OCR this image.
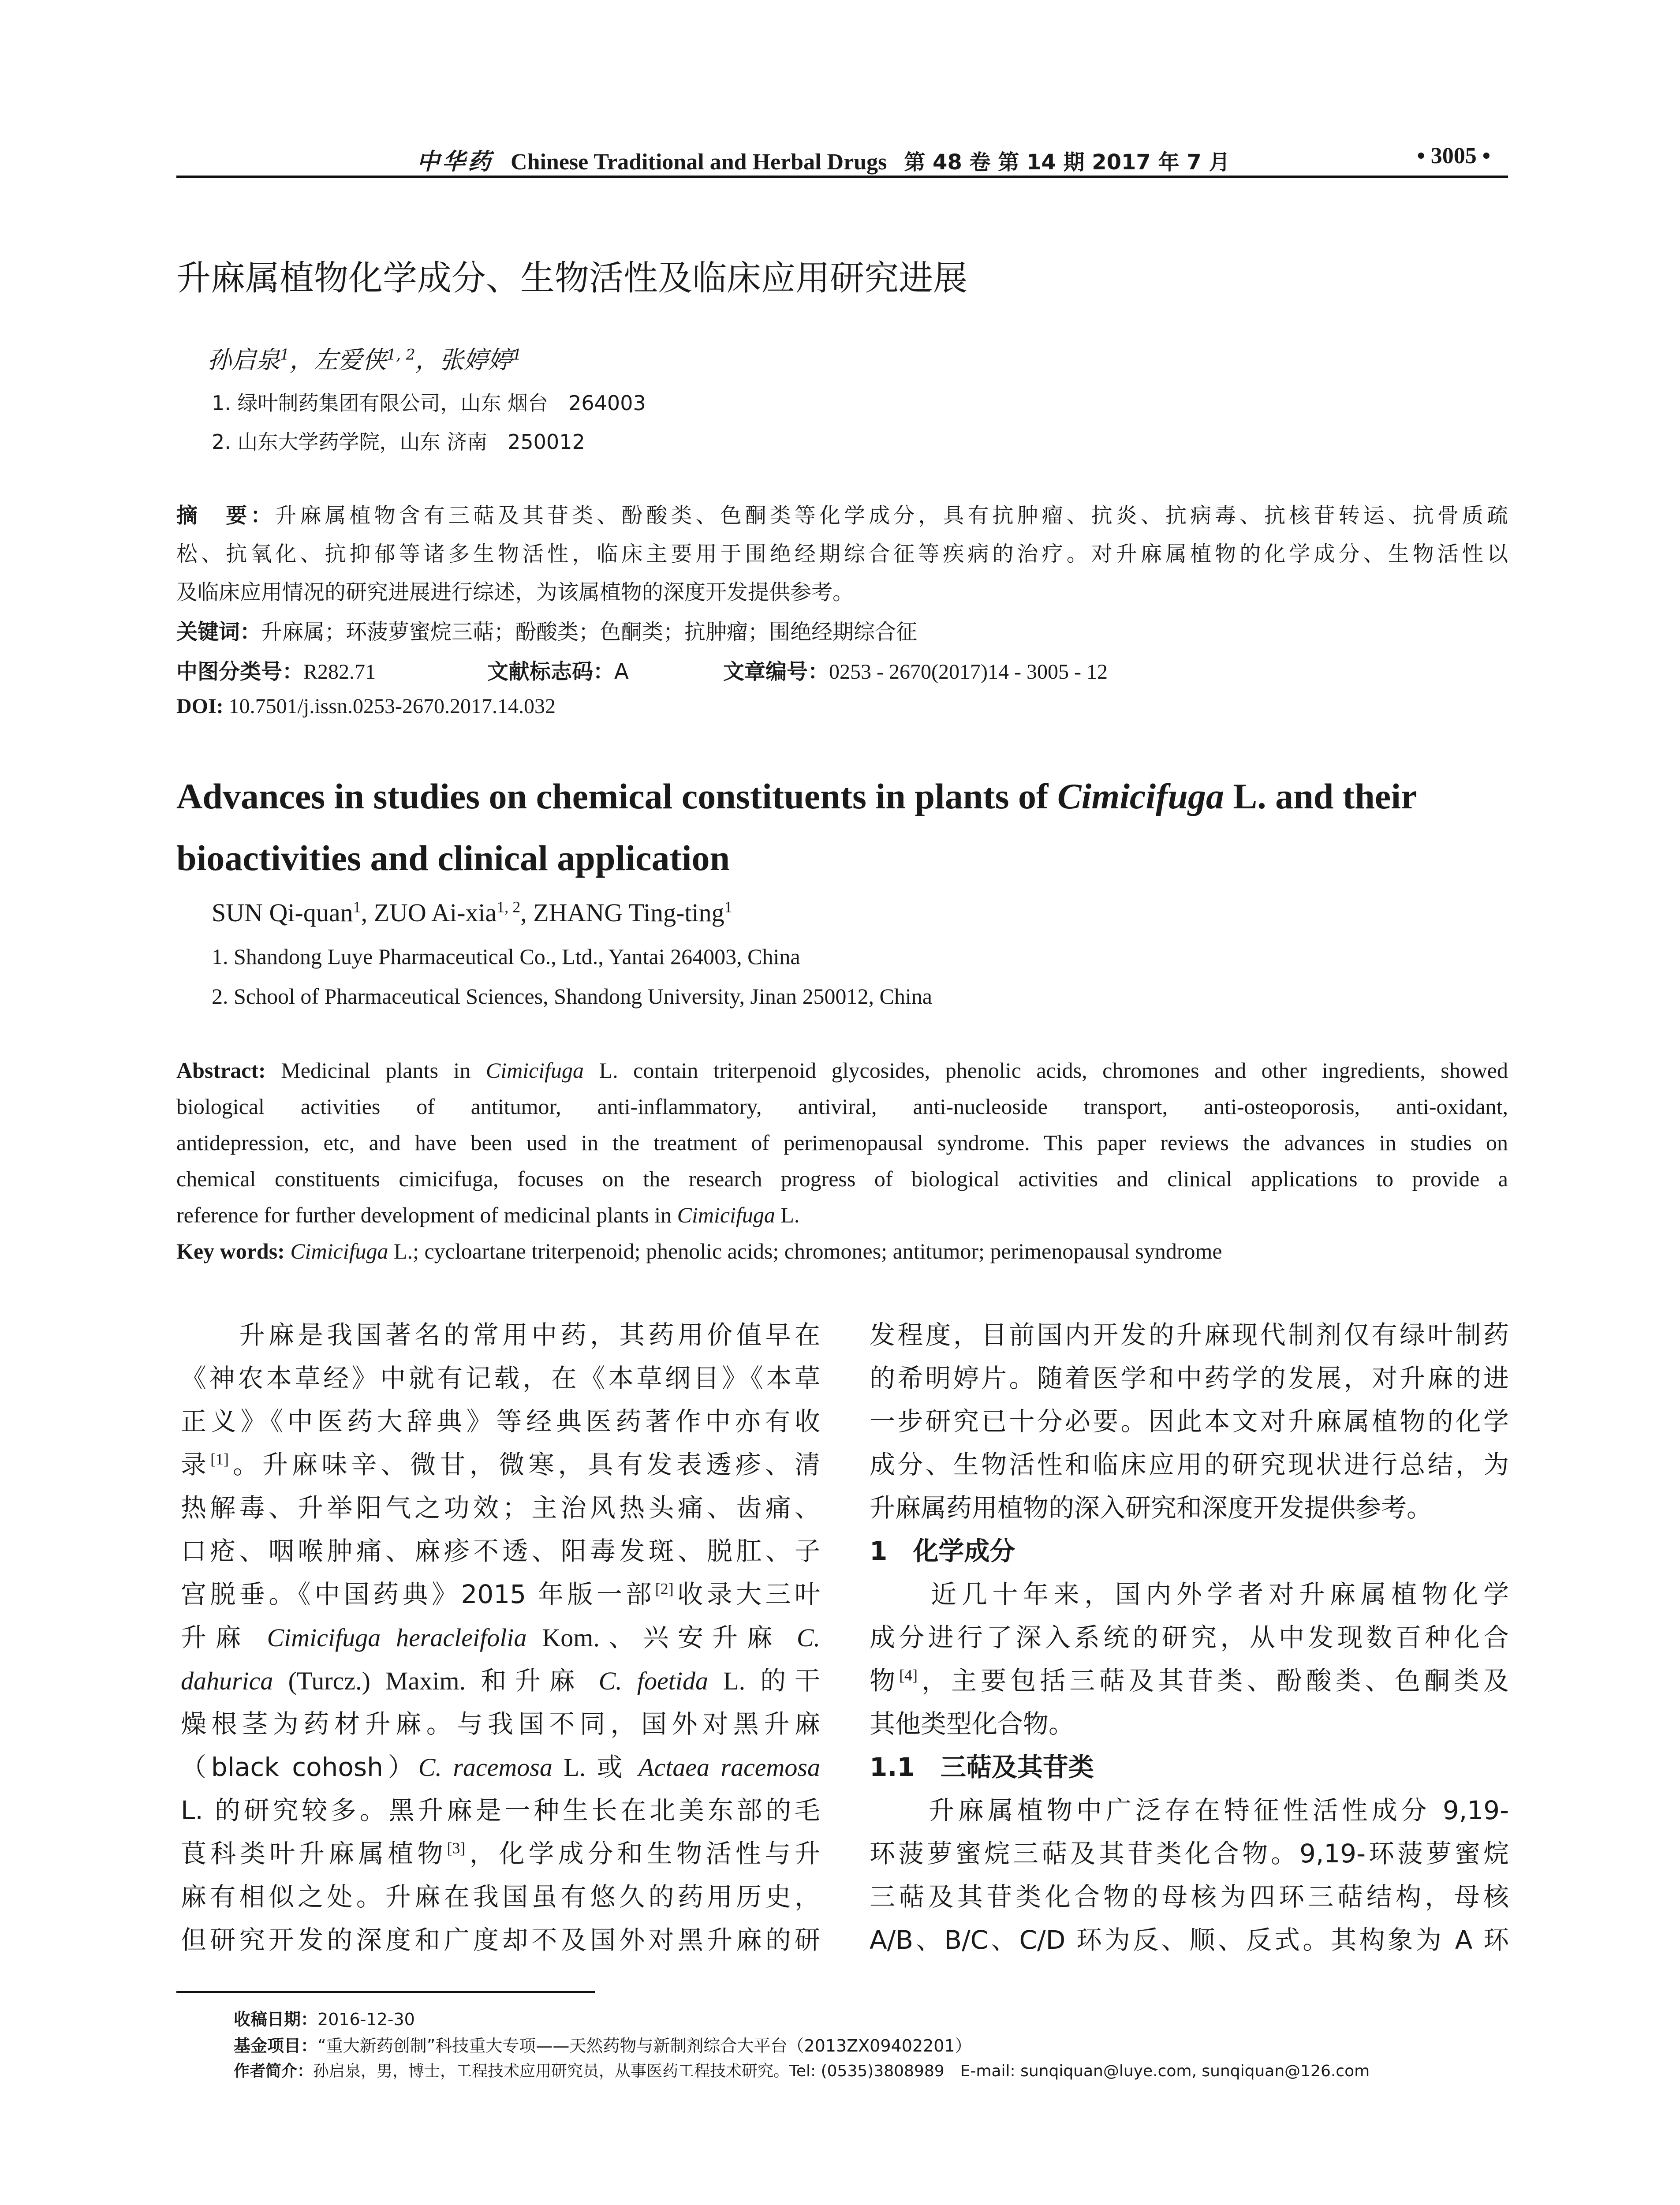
中华药 Chinese Traditional and Herbal Drugs 第 48 卷 第 14 期 2017 年 7 月	• 3005 •
升麻属植物化学成分、生物活性及临床应用研究进展
孙启泉$^1$，左爱侠$^{1, 2}$，张婷婷$^1$
1. 绿叶制药集团有限公司，山东 烟台　264003
2. 山东大学药学院，山东 济南　250012
摘　要：升麻属植物含有三萜及其苷类、酚酸类、色酮类等化学成分，具有抗肿瘤、抗炎、抗病毒、抗核苷转运、抗骨质疏
松、抗氧化、抗抑郁等诸多生物活性，临床主要用于围绝经期综合征等疾病的治疗。对升麻属植物的化学成分、生物活性以
及临床应用情况的研究进展进行综述，为该属植物的深度开发提供参考。
关键词：升麻属；环菠萝蜜烷三萜；酚酸类；色酮类；抗肿瘤；围绝经期综合征
中图分类号：R282.71	文献标志码：A	文章编号：0253 - 2670(2017)14 - 3005 - 12
DOI: 10.7501/j.issn.0253-2670.2017.14.032
Advances in studies on chemical constituents in plants of Cimicifuga L. and their bioactivities and clinical application
SUN Qi-quan$^1$, ZUO Ai-xia$^{1, 2}$, ZHANG Ting-ting$^1$
1. Shandong Luye Pharmaceutical Co., Ltd., Yantai 264003, China
2. School of Pharmaceutical Sciences, Shandong University, Jinan 250012, China
Abstract: Medicinal plants in Cimicifuga L. contain triterpenoid glycosides, phenolic acids, chromones and other ingredients, showed
biological activities of antitumor, anti-inflammatory, antiviral, anti-nucleoside transport, anti-osteoporosis, anti-oxidant,
antidepression, etc, and have been used in the treatment of perimenopausal syndrome. This paper reviews the advances in studies on
chemical constituents cimicifuga, focuses on the research progress of biological activities and clinical applications to provide a
reference for further development of medicinal plants in Cimicifuga L.
Key words: Cimicifuga L.; cycloartane triterpenoid; phenolic acids; chromones; antitumor; perimenopausal syndrome
　　升麻是我国著名的常用中药，其药用价值早在
《神农本草经》中就有记载，在《本草纲目》《本草
正义》《中医药大辞典》等经典医药著作中亦有收
录[1]。升麻味辛、微甘，微寒，具有发表透疹、清
热解毒、升举阳气之功效；主治风热头痛、齿痛、
口疮、咽喉肿痛、麻疹不透、阳毒发斑、脱肛、子
宫脱垂。《中国药典》2015 年版一部[2]收录大三叶
升麻 Cimicifuga heracleifolia Kom.、兴安升麻 C.
dahurica (Turcz.) Maxim. 和升麻 C. foetida L. 的干
燥根茎为药材升麻。与我国不同，国外对黑升麻
（black cohosh）C. racemosa L. 或 Actaea racemosa
L. 的研究较多。黑升麻是一种生长在北美东部的毛
茛科类叶升麻属植物[3]，化学成分和生物活性与升
麻有相似之处。升麻在我国虽有悠久的药用历史，
但研究开发的深度和广度却不及国外对黑升麻的研
发程度，目前国内开发的升麻现代制剂仅有绿叶制药
的希明婷片。随着医学和中药学的发展，对升麻的进
一步研究已十分必要。因此本文对升麻属植物的化学
成分、生物活性和临床应用的研究现状进行总结，为
升麻属药用植物的深入研究和深度开发提供参考。
1　化学成分
　　近几十年来，国内外学者对升麻属植物化学
成分进行了深入系统的研究，从中发现数百种化合
物[4]，主要包括三萜及其苷类、酚酸类、色酮类及
其他类型化合物。
1.1　三萜及其苷类
　　升麻属植物中广泛存在特征性活性成分 9,19-
环菠萝蜜烷三萜及其苷类化合物。9,19-环菠萝蜜烷
三萜及其苷类化合物的母核为四环三萜结构，母核
A/B、B/C、C/D 环为反、顺、反式。其构象为 A 环
收稿日期：2016-12-30
基金项目：“重大新药创制”科技重大专项——天然药物与新制剂综合大平台（2013ZX09402201）
作者简介：孙启泉，男，博士，工程技术应用研究员，从事医药工程技术研究。Tel: (0535)3808989　E-mail: sunqiquan@luye.com, sunqiquan@126.com
